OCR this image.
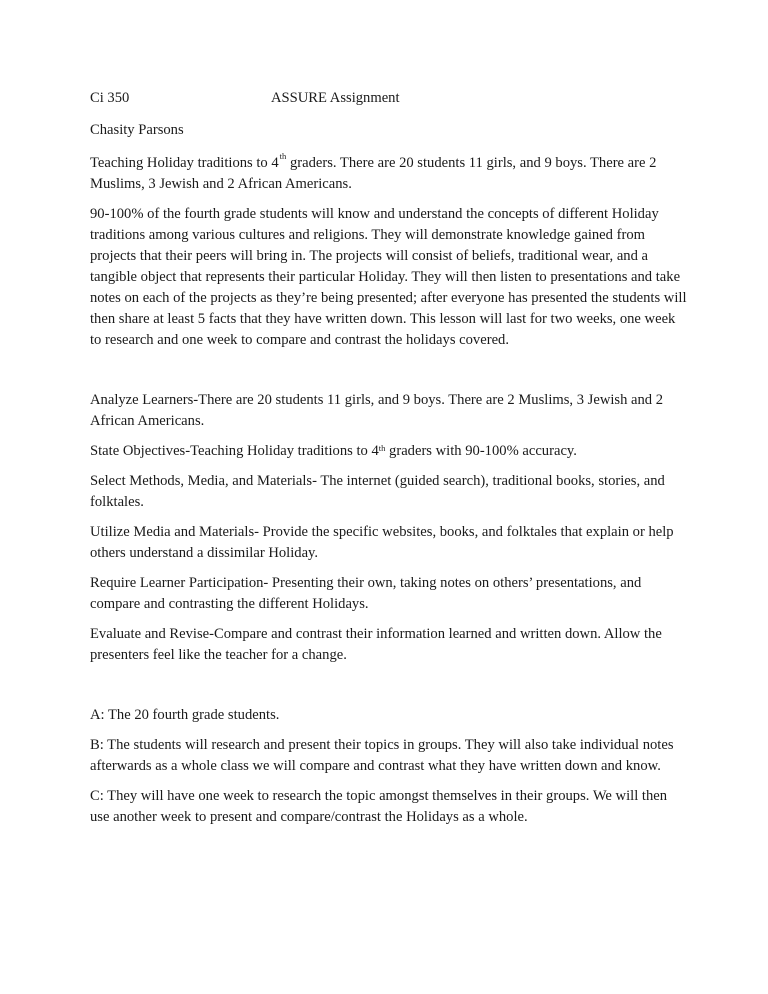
Ci 350	ASSURE Assignment

Chasity Parsons

Teaching Holiday traditions to 4th graders. There are 20 students 11 girls, and 9 boys. There are 2 Muslims, 3 Jewish and 2 African Americans.

90-100% of the fourth grade students will know and understand the concepts of different Holiday traditions among various cultures and religions. They will demonstrate knowledge gained from projects that their peers will bring in. The projects will consist of beliefs, traditional wear, and a tangible object that represents their particular Holiday. They will then listen to presentations and take notes on each of the projects as they’re being presented; after everyone has presented the students will then share at least 5 facts that they have written down. This lesson will last for two weeks, one week to research and one week to compare and contrast the holidays covered.

Analyze Learners-There are 20 students 11 girls, and 9 boys. There are 2 Muslims, 3 Jewish and 2 African Americans.

State Objectives-Teaching Holiday traditions to 4th graders with 90-100% accuracy.

Select Methods, Media, and Materials- The internet (guided search), traditional books, stories, and folktales.

Utilize Media and Materials- Provide the specific websites, books, and folktales that explain or help others understand a dissimilar Holiday.

Require Learner Participation- Presenting their own, taking notes on others’ presentations, and compare and contrasting the different Holidays.

Evaluate and Revise-Compare and contrast their information learned and written down. Allow the presenters feel like the teacher for a change.

A: The 20 fourth grade students.

B: The students will research and present their topics in groups. They will also take individual notes afterwards as a whole class we will compare and contrast what they have written down and know.

C: They will have one week to research the topic amongst themselves in their groups. We will then use another week to present and compare/contrast the Holidays as a whole.
